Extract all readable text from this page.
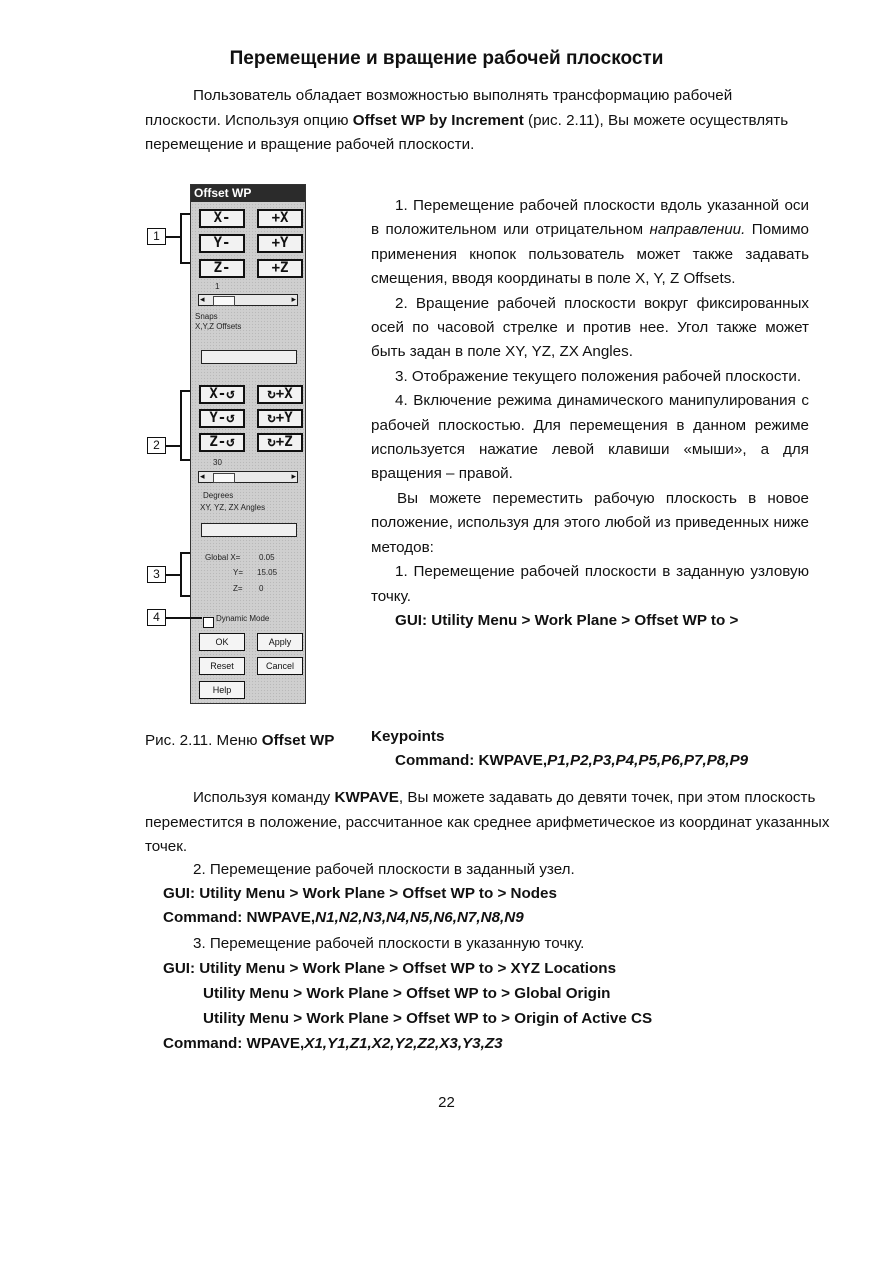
Перемещение и вращение рабочей плоскости
Пользователь обладает возможностью выполнять трансформацию рабочей плоскости. Используя опцию Offset WP by Increment (рис. 2.11), Вы можете осуществлять перемещение и вращение рабочей плоскости.
Offset WP
X-	+X
Y-	+Y
Z-	+Z
1
◂	▸
Snaps
X,Y,Z Offsets
X-↺	↻+X
Y-↺	↻+Y
Z-↺	↻+Z
30
◂	▸
Degrees
XY, YZ, ZX Angles
Global X= 0.05
Y= 15.05
Z= 0
Dynamic Mode
OK	Apply
Reset	Cancel
Help
1
2
3
4
1. Перемещение рабочей плоскости вдоль указанной оси в положительном или отрицательном направлении. Помимо применения кнопок пользователь может также задавать смещения, вводя координаты в поле X, Y, Z Offsets.
2. Вращение рабочей плоскости вокруг фиксированных осей по часовой стрелке и против нее. Угол также может быть задан в поле XY, YZ, ZX Angles.
3. Отображение текущего положения рабочей плоскости.
4. Включение режима динамического манипулирования с рабочей плоскостью. Для перемещения в данном режиме используется нажатие левой клавиши «мыши», а для вращения – правой.
Вы можете переместить рабочую плоскость в новое положение, используя для этого любой из приведенных ниже методов:
1. Перемещение рабочей плоскости в заданную узловую точку.
GUI: Utility Menu > Work Plane > Offset WP to >
Рис. 2.11. Меню Offset WP Keypoints
Command: KWPAVE,P1,P2,P3,P4,P5,P6,P7,P8,P9
Используя команду KWPAVE, Вы можете задавать до девяти точек, при этом плоскость переместится в положение, рассчитанное как среднее арифметическое из координат указанных точек.
2. Перемещение рабочей плоскости в заданный узел.
GUI: Utility Menu > Work Plane > Offset WP to > Nodes
Command: NWPAVE,N1,N2,N3,N4,N5,N6,N7,N8,N9
3. Перемещение рабочей плоскости в указанную точку.
GUI: Utility Menu > Work Plane > Offset WP to > XYZ Locations
Utility Menu > Work Plane > Offset WP to > Global Origin
Utility Menu > Work Plane > Offset WP to > Origin of Active CS
Command: WPAVE,X1,Y1,Z1,X2,Y2,Z2,X3,Y3,Z3
22
